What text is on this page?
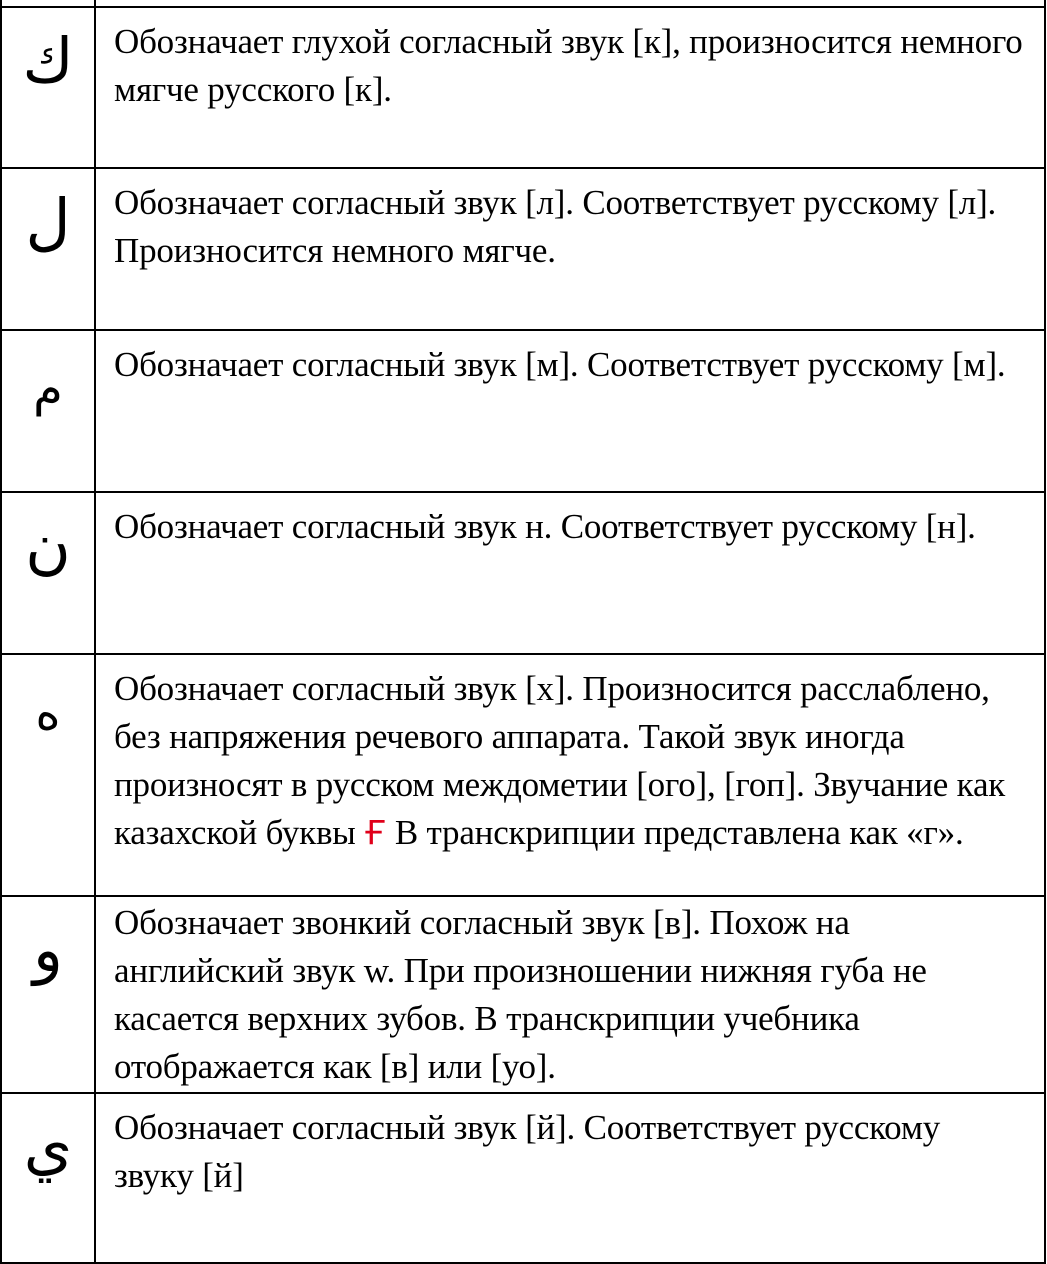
ك	Обозначает глухой согласный звук [к], произносится немного мягче русского [к].

ل	Обозначает согласный звук [л]. Соответствует русскому [л]. Произносится немного мягче.

م	Обозначает согласный звук [м]. Соответствует русскому [м].

ن	Обозначает согласный звук н. Соответствует русскому [н].

ه	Обозначает согласный звук [х]. Произносится расслаблено, без напряжения речевого аппарата. Такой звук иногда произносят в русском междометии [ого], [гоп]. Звучание как казахской буквы Ғ В транскрипции представлена как «г».

و	Обозначает звонкий согласный звук [в]. Похож на английский звук w. При произношении нижняя губа не касается верхних зубов. В транскрипции учебника отображается как [в] или [уо].

ي	Обозначает согласный звук [й]. Соответствует русскому звуку [й]
